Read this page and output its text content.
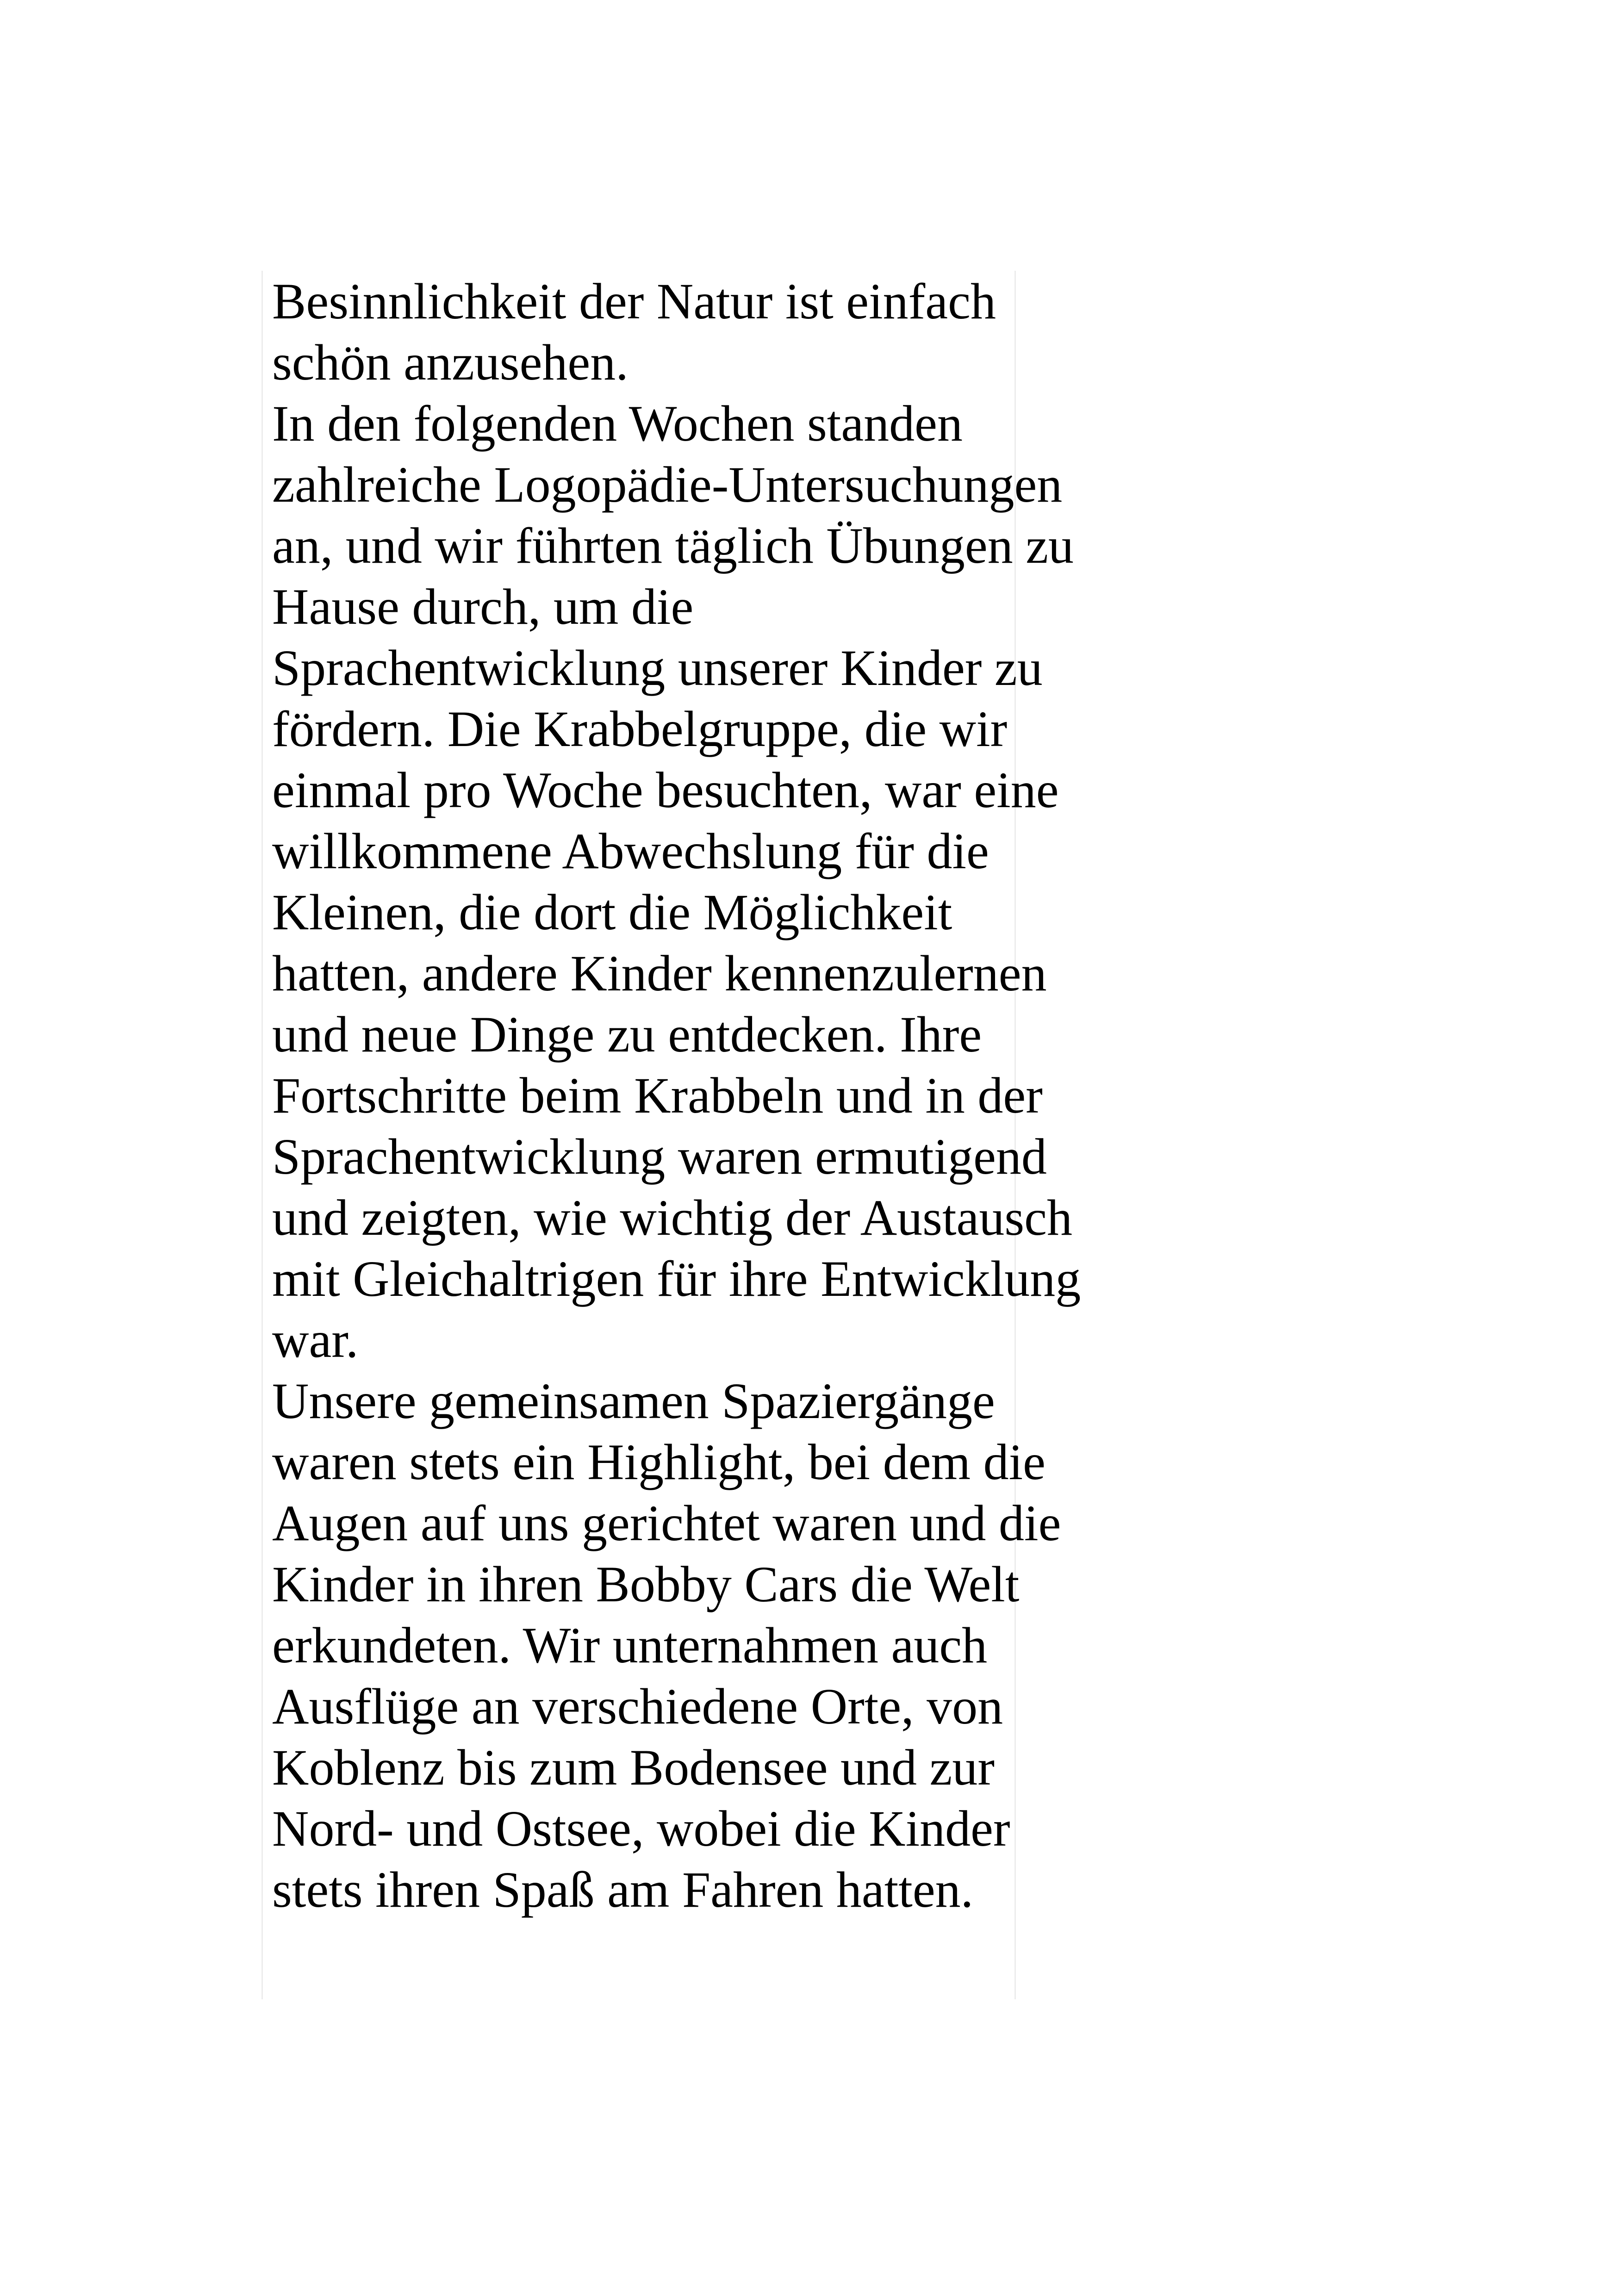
Besinnlichkeit der Natur ist einfach
schön anzusehen.

In den folgenden Wochen standen
zahlreiche Logopädie-Untersuchungen
an, und wir führten täglich Übungen zu
Hause durch, um die
Sprachentwicklung unserer Kinder zu
fördern. Die Krabbelgruppe, die wir
einmal pro Woche besuchten, war eine
willkommene Abwechslung für die
Kleinen, die dort die Möglichkeit
hatten, andere Kinder kennenzulernen
und neue Dinge zu entdecken. Ihre
Fortschritte beim Krabbeln und in der
Sprachentwicklung waren ermutigend
und zeigten, wie wichtig der Austausch
mit Gleichaltrigen für ihre Entwicklung
war.

Unsere gemeinsamen Spaziergänge
waren stets ein Highlight, bei dem die
Augen auf uns gerichtet waren und die
Kinder in ihren Bobby Cars die Welt
erkundeten. Wir unternahmen auch
Ausflüge an verschiedene Orte, von
Koblenz bis zum Bodensee und zur
Nord- und Ostsee, wobei die Kinder
stets ihren Spaß am Fahren hatten.
